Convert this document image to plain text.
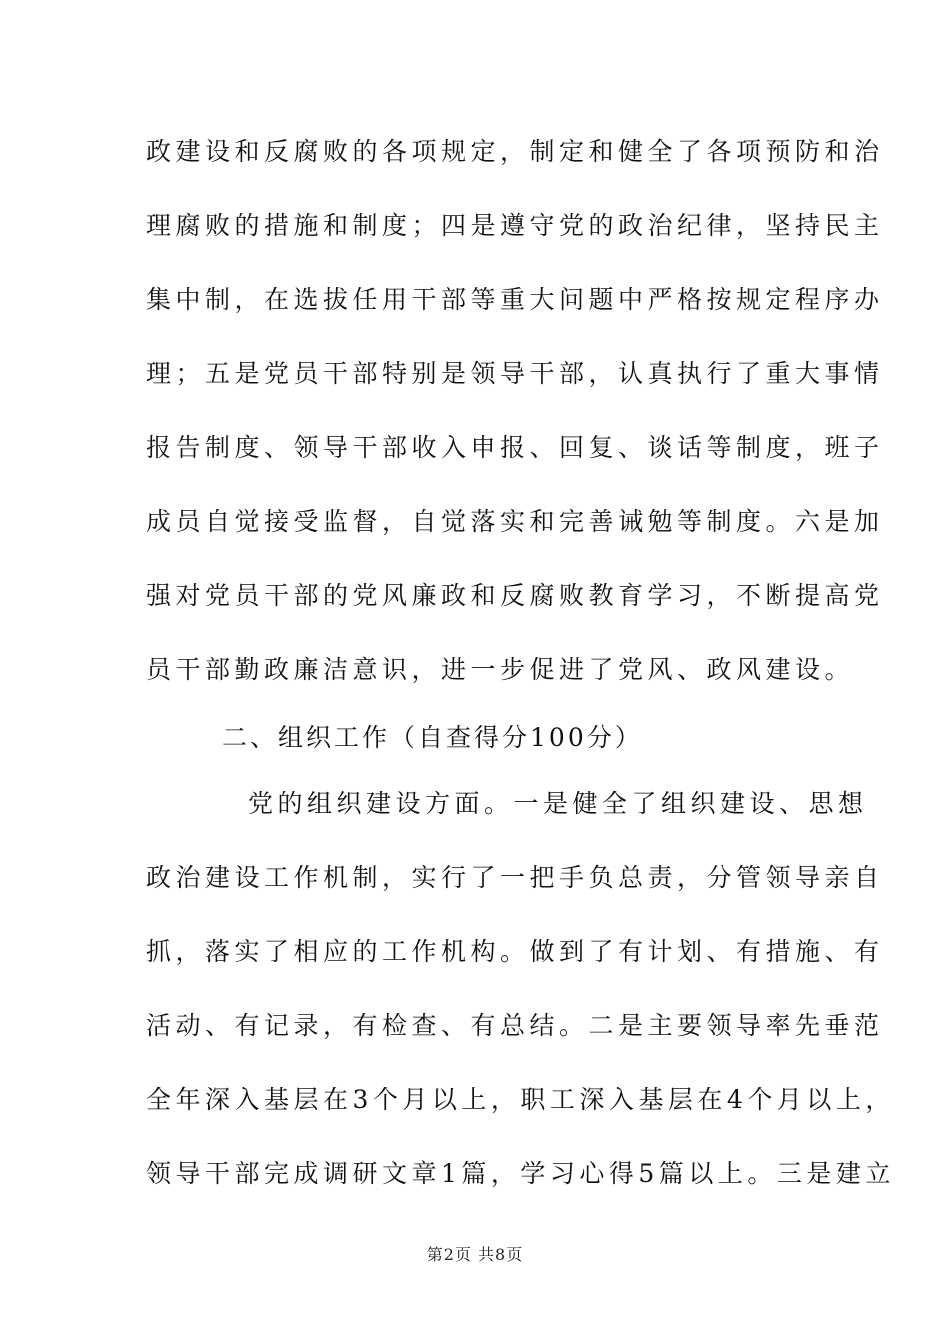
政建设和反腐败的各项规定，制定和健全了各项预防和治
理腐败的措施和制度；四是遵守党的政治纪律，坚持民主
集中制，在选拔任用干部等重大问题中严格按规定程序办
理；五是党员干部特别是领导干部，认真执行了重大事情
报告制度、领导干部收入申报、回复、谈话等制度，班子
成员自觉接受监督，自觉落实和完善诫勉等制度。六是加
强对党员干部的党风廉政和反腐败教育学习，不断提高党
员干部勤政廉洁意识，进一步促进了党风、政风建设。
二、组织工作（自查得分100分）
党的组织建设方面。一是健全了组织建设、思想
政治建设工作机制，实行了一把手负总责，分管领导亲自
抓，落实了相应的工作机构。做到了有计划、有措施、有
活动、有记录，有检查、有总结。二是主要领导率先垂范
全年深入基层在3个月以上，职工深入基层在4个月以上，
领导干部完成调研文章1篇，学习心得5篇以上。三是建立
第2页 共8页
